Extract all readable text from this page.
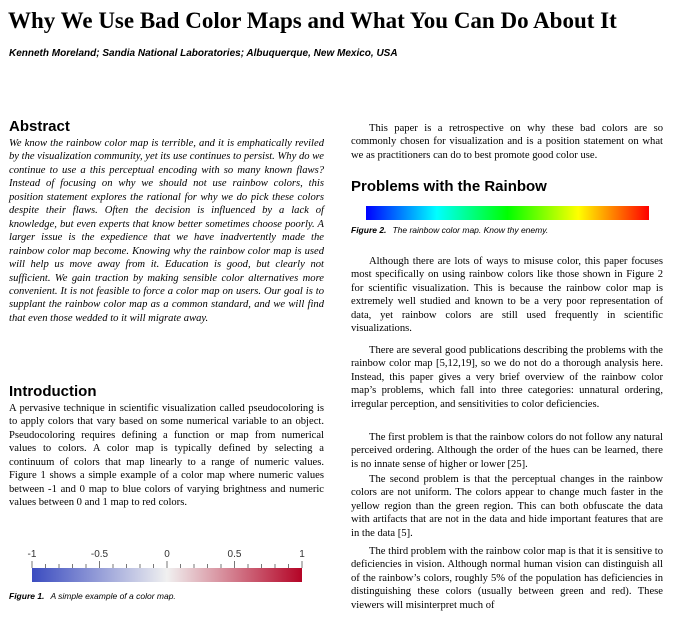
Why We Use Bad Color Maps and What You Can Do About It
Kenneth Moreland; Sandia National Laboratories; Albuquerque, New Mexico, USA
Abstract

We know the rainbow color map is terrible, and it is emphatically reviled by the visualization community, yet its use continues to persist. Why do we continue to use a this perceptual encoding with so many known flaws? Instead of focusing on why we should not use rainbow colors, this position statement explores the rational for why we do pick these colors despite their flaws. Often the decision is influenced by a lack of knowledge, but even experts that know better sometimes choose poorly. A larger issue is the expedience that we have inadvertently made the rainbow color map become. Knowing why the rainbow color map is used will help us move away from it. Education is good, but clearly not sufficient. We gain traction by making sensible color alternatives more convenient. It is not feasible to force a color map on users. Our goal is to supplant the rainbow color map as a common standard, and we will find that even those wedded to it will migrate away.

Introduction

A pervasive technique in scientific visualization called pseudocoloring is to apply colors that vary based on some numerical variable to an object. Pseudocoloring requires defining a function or map from numerical values to colors. A color map is typically defined by selecting a continuum of colors that map linearly to a range of numeric values. Figure 1 shows a simple example of a color map where numeric values between -1 and 0 map to blue colors of varying brightness and numeric values between 0 and 1 map to red colors.

-1	-0.5	0	0.5	1
Figure 1. A simple example of a color map.

This paper is a retrospective on why these bad colors are so commonly chosen for visualization and is a position statement on what we as practitioners can do to best promote good color use.

Problems with the Rainbow
Figure 2. The rainbow color map. Know thy enemy.

Although there are lots of ways to misuse color, this paper focuses most specifically on using rainbow colors like those shown in Figure 2 for scientific visualization. This is because the rainbow color map is extremely well studied and known to be a very poor representation of data, yet rainbow colors are still used frequently in scientific visualizations.

There are several good publications describing the problems with the rainbow color map [5,12,19], so we do not do a thorough analysis here. Instead, this paper gives a very brief overview of the rainbow color map’s problems, which fall into three categories: unnatural ordering, irregular perception, and sensitivities to color deficiencies.

The first problem is that the rainbow colors do not follow any natural perceived ordering. Although the order of the hues can be learned, there is no innate sense of higher or lower [25].

The second problem is that the perceptual changes in the rainbow colors are not uniform. The colors appear to change much faster in the yellow region than the green region. This can both obfuscate the data with artifacts that are not in the data and hide important features that are in the data [5].

The third problem with the rainbow color map is that it is sensitive to deficiencies in vision. Although normal human vision can distinguish all of the rainbow’s colors, roughly 5% of the population has deficiencies in distinguishing these colors (usually between green and red). These viewers will misinterpret much of
